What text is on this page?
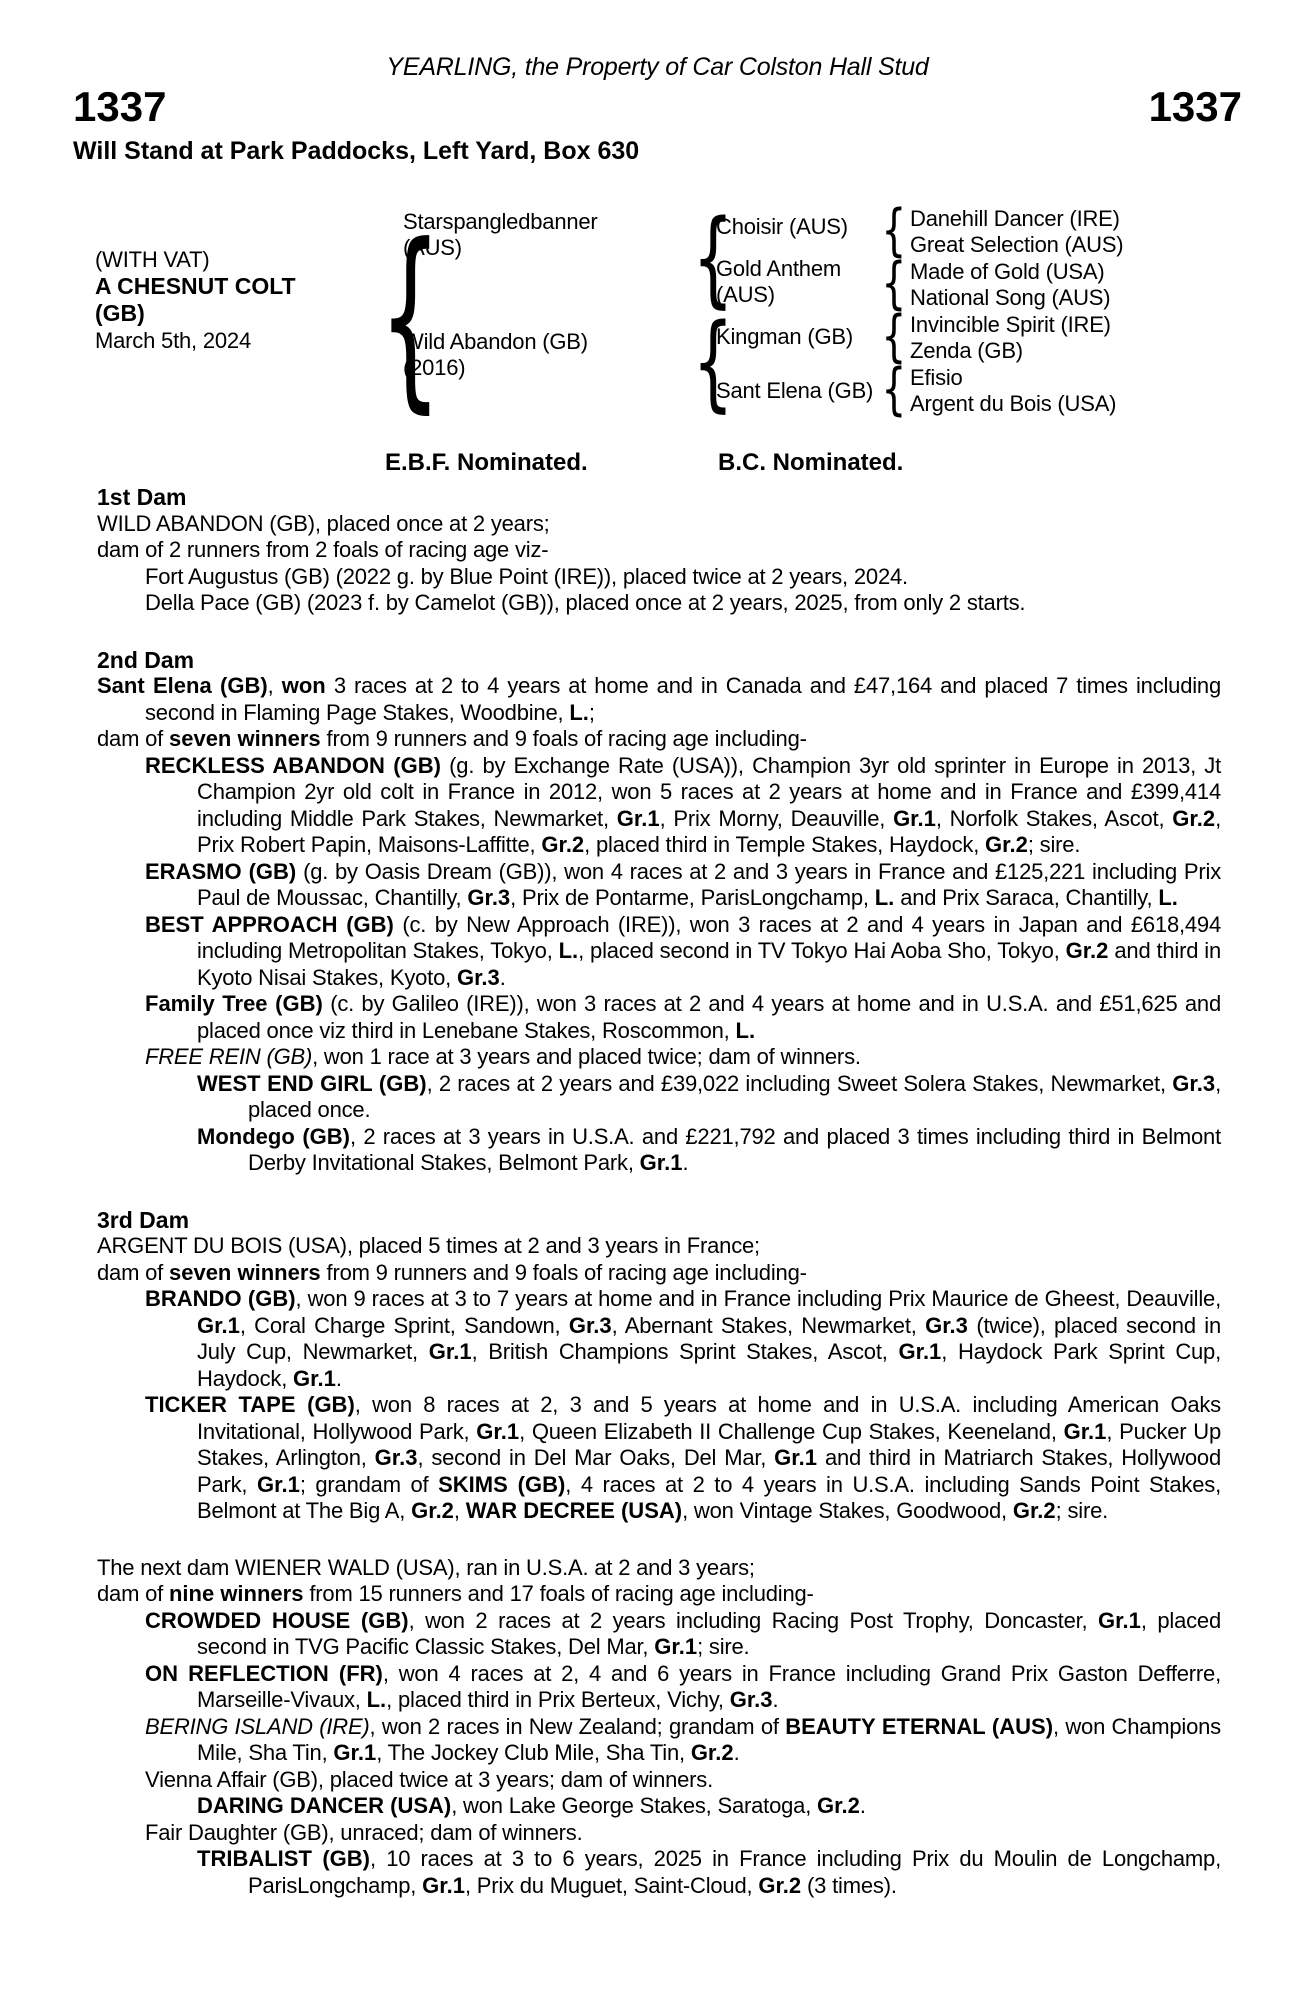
YEARLING, the Property of Car Colston Hall Stud
1337	1337
Will Stand at Park Paddocks, Left Yard, Box 630
(WITH VAT)
A CHESNUT COLT (GB)
March 5th, 2024
{
Starspangledbanner (AUS)
Wild Abandon (GB) (2016)
{
{
Choisir (AUS)
Gold Anthem (AUS)
Kingman (GB)
Sant Elena (GB)
{
{
{
{
Danehill Dancer (IRE)
Great Selection (AUS)
Made of Gold (USA)
National Song (AUS)
Invincible Spirit (IRE)
Zenda (GB)
Efisio
Argent du Bois (USA)
E.B.F. Nominated.	B.C. Nominated.
1st Dam

WILD ABANDON (GB), placed once at 2 years;

dam of 2 runners from 2 foals of racing age viz-

Fort Augustus (GB) (2022 g. by Blue Point (IRE)), placed twice at 2 years, 2024.

Della Pace (GB) (2023 f. by Camelot (GB)), placed once at 2 years, 2025, from only 2 starts.

2nd Dam

Sant Elena (GB), won 3 races at 2 to 4 years at home and in Canada and £47,164 and placed 7 times including second in Flaming Page Stakes, Woodbine, L.;

dam of seven winners from 9 runners and 9 foals of racing age including-

RECKLESS ABANDON (GB) (g. by Exchange Rate (USA)), Champion 3yr old sprinter in Europe in 2013, Jt Champion 2yr old colt in France in 2012, won 5 races at 2 years at home and in France and £399,414 including Middle Park Stakes, Newmarket, Gr.1, Prix Morny, Deauville, Gr.1, Norfolk Stakes, Ascot, Gr.2, Prix Robert Papin, Maisons-Laffitte, Gr.2, placed third in Temple Stakes, Haydock, Gr.2; sire.

ERASMO (GB) (g. by Oasis Dream (GB)), won 4 races at 2 and 3 years in France and £125,221 including Prix Paul de Moussac, Chantilly, Gr.3, Prix de Pontarme, ParisLongchamp, L. and Prix Saraca, Chantilly, L.

BEST APPROACH (GB) (c. by New Approach (IRE)), won 3 races at 2 and 4 years in Japan and £618,494 including Metropolitan Stakes, Tokyo, L., placed second in TV Tokyo Hai Aoba Sho, Tokyo, Gr.2 and third in Kyoto Nisai Stakes, Kyoto, Gr.3.

Family Tree (GB) (c. by Galileo (IRE)), won 3 races at 2 and 4 years at home and in U.S.A. and £51,625 and placed once viz third in Lenebane Stakes, Roscommon, L.

FREE REIN (GB), won 1 race at 3 years and placed twice; dam of winners.

WEST END GIRL (GB), 2 races at 2 years and £39,022 including Sweet Solera Stakes, Newmarket, Gr.3, placed once.

Mondego (GB), 2 races at 3 years in U.S.A. and £221,792 and placed 3 times including third in Belmont Derby Invitational Stakes, Belmont Park, Gr.1.

3rd Dam

ARGENT DU BOIS (USA), placed 5 times at 2 and 3 years in France;

dam of seven winners from 9 runners and 9 foals of racing age including-

BRANDO (GB), won 9 races at 3 to 7 years at home and in France including Prix Maurice de Gheest, Deauville, Gr.1, Coral Charge Sprint, Sandown, Gr.3, Abernant Stakes, Newmarket, Gr.3 (twice), placed second in July Cup, Newmarket, Gr.1, British Champions Sprint Stakes, Ascot, Gr.1, Haydock Park Sprint Cup, Haydock, Gr.1.

TICKER TAPE (GB), won 8 races at 2, 3 and 5 years at home and in U.S.A. including American Oaks Invitational, Hollywood Park, Gr.1, Queen Elizabeth II Challenge Cup Stakes, Keeneland, Gr.1, Pucker Up Stakes, Arlington, Gr.3, second in Del Mar Oaks, Del Mar, Gr.1 and third in Matriarch Stakes, Hollywood Park, Gr.1; grandam of SKIMS (GB), 4 races at 2 to 4 years in U.S.A. including Sands Point Stakes, Belmont at The Big A, Gr.2, WAR DECREE (USA), won Vintage Stakes, Goodwood, Gr.2; sire.

The next dam WIENER WALD (USA), ran in U.S.A. at 2 and 3 years;

dam of nine winners from 15 runners and 17 foals of racing age including-

CROWDED HOUSE (GB), won 2 races at 2 years including Racing Post Trophy, Doncaster, Gr.1, placed second in TVG Pacific Classic Stakes, Del Mar, Gr.1; sire.

ON REFLECTION (FR), won 4 races at 2, 4 and 6 years in France including Grand Prix Gaston Defferre, Marseille-Vivaux, L., placed third in Prix Berteux, Vichy, Gr.3.

BERING ISLAND (IRE), won 2 races in New Zealand; grandam of BEAUTY ETERNAL (AUS), won Champions Mile, Sha Tin, Gr.1, The Jockey Club Mile, Sha Tin, Gr.2.

Vienna Affair (GB), placed twice at 3 years; dam of winners.

DARING DANCER (USA), won Lake George Stakes, Saratoga, Gr.2.

Fair Daughter (GB), unraced; dam of winners.

TRIBALIST (GB), 10 races at 3 to 6 years, 2025 in France including Prix du Moulin de Longchamp, ParisLongchamp, Gr.1, Prix du Muguet, Saint-Cloud, Gr.2 (3 times).
